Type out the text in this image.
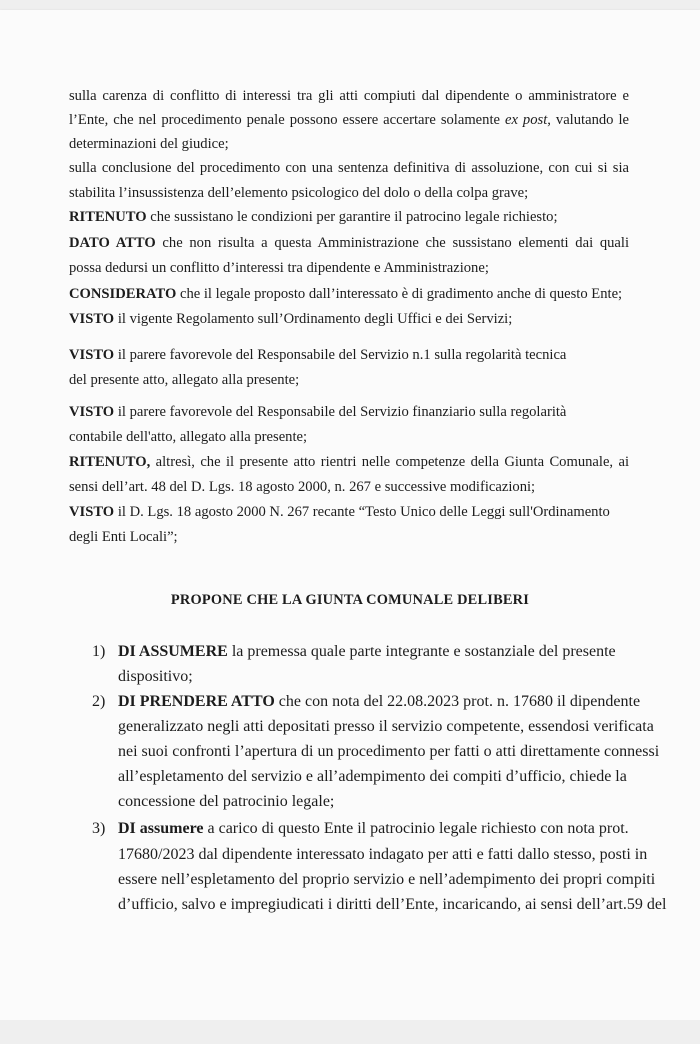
sulla carenza di conflitto di interessi tra gli atti compiuti dal dipendente o amministratore e
l’Ente, che nel procedimento penale possono essere accertare solamente ex post, valutando le
determinazioni del giudice;
sulla conclusione del procedimento con una sentenza definitiva di assoluzione, con cui si sia
stabilita l’insussistenza dell’elemento psicologico del dolo o della colpa grave;
RITENUTO che sussistano le condizioni per garantire il patrocino legale richiesto;
DATO ATTO che non risulta a questa Amministrazione che sussistano elementi dai quali
possa dedursi un conflitto d’interessi tra dipendente e Amministrazione;
CONSIDERATO che il legale proposto dall’interessato è di gradimento anche di questo Ente;
VISTO il vigente Regolamento sull’Ordinamento degli Uffici e dei Servizi;
VISTO il parere favorevole del Responsabile del Servizio n.1 sulla regolarità tecnica
del presente atto, allegato alla presente;
VISTO il parere favorevole del Responsabile del Servizio finanziario sulla regolarità
contabile dell'atto, allegato alla presente;
RITENUTO, altresì, che il presente atto rientri nelle competenze della Giunta Comunale, ai
sensi dell’art. 48 del D. Lgs. 18 agosto 2000, n. 267 e successive modificazioni;
VISTO il D. Lgs. 18 agosto 2000 N. 267 recante “Testo Unico delle Leggi sull'Ordinamento
degli Enti Locali”;
PROPONE CHE LA GIUNTA COMUNALE DELIBERI
1) DI ASSUMERE la premessa quale parte integrante e sostanziale del presente
dispositivo;
2) DI PRENDERE ATTO che con nota del 22.08.2023 prot. n. 17680 il dipendente
generalizzato negli atti depositati presso il servizio competente, essendosi verificata
nei suoi confronti l’apertura di un procedimento per fatti o atti direttamente connessi
all’espletamento del servizio e all’adempimento dei compiti d’ufficio, chiede la
concessione del patrocinio legale;
3) DI assumere a carico di questo Ente il patrocinio legale richiesto con nota prot.
17680/2023 dal dipendente interessato indagato per atti e fatti dallo stesso, posti in
essere nell’espletamento del proprio servizio e nell’adempimento dei propri compiti
d’ufficio, salvo e impregiudicati i diritti dell’Ente, incaricando, ai sensi dell’art.59 del
